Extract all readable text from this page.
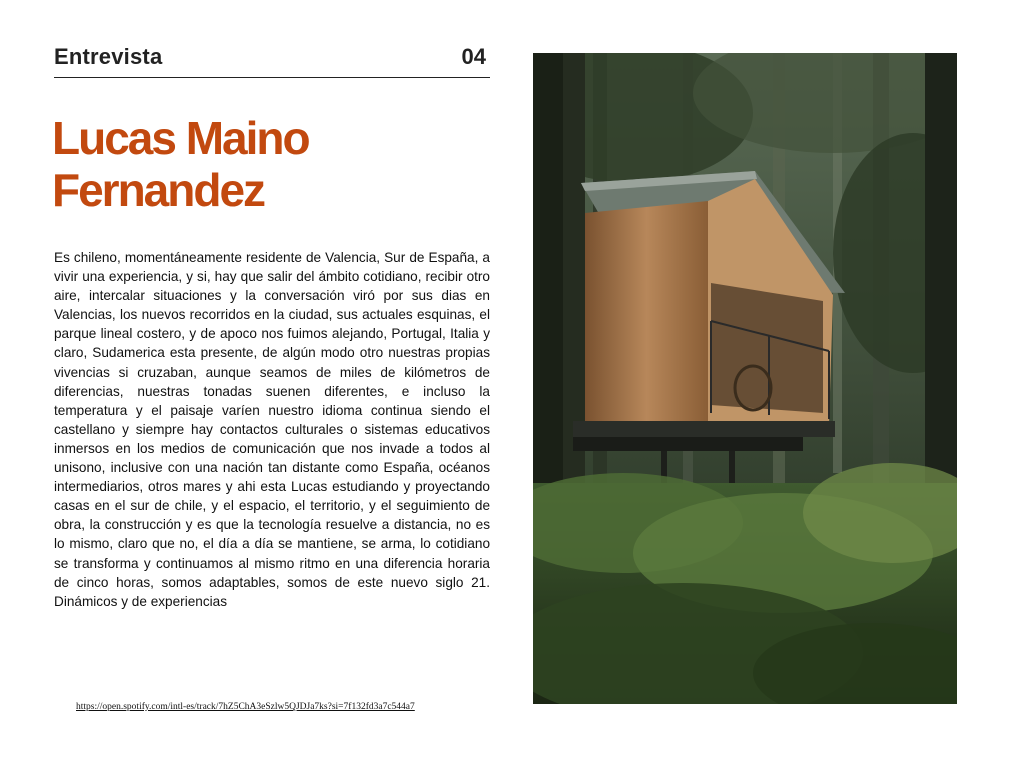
Entrevista	04
Lucas Maino
Fernandez

Es chileno, momentáneamente residente de Valencia, Sur de España, a vivir una experiencia, y si, hay que salir del ámbito cotidiano, recibir otro aire, intercalar situaciones y la conversación viró por sus dias en Valencias, los nuevos recorridos en la ciudad, sus actuales esquinas, el parque lineal costero, y de apoco nos fuimos alejando, Portugal, Italia y claro, Sudamerica esta presente, de algún modo otro nuestras propias vivencias si cruzaban, aunque seamos de miles de kilómetros de diferencias, nuestras tonadas suenen diferentes, e incluso la temperatura y el paisaje varíen nuestro idioma continua siendo el castellano y siempre hay contactos culturales o sistemas educativos inmersos en los medios de comunicación que nos invade a todos al unisono, inclusive con una nación tan distante como España, océanos intermediarios, otros mares y ahi esta Lucas estudiando y proyectando casas en el sur de chile, y el espacio, el territorio, y el seguimiento de obra, la construcción y es que la tecnología resuelve a distancia, no es lo mismo, claro que no, el día a día se mantiene, se arma, lo cotidiano se transforma y continuamos al mismo ritmo en una diferencia horaria de cinco horas, somos adaptables, somos de este nuevo siglo 21. Dinámicos y de experiencias

https://open.spotify.com/intl-es/track/7hZ5ChA3eSzlw5QJDJa7ks?si=7f132fd3a7c544a7
